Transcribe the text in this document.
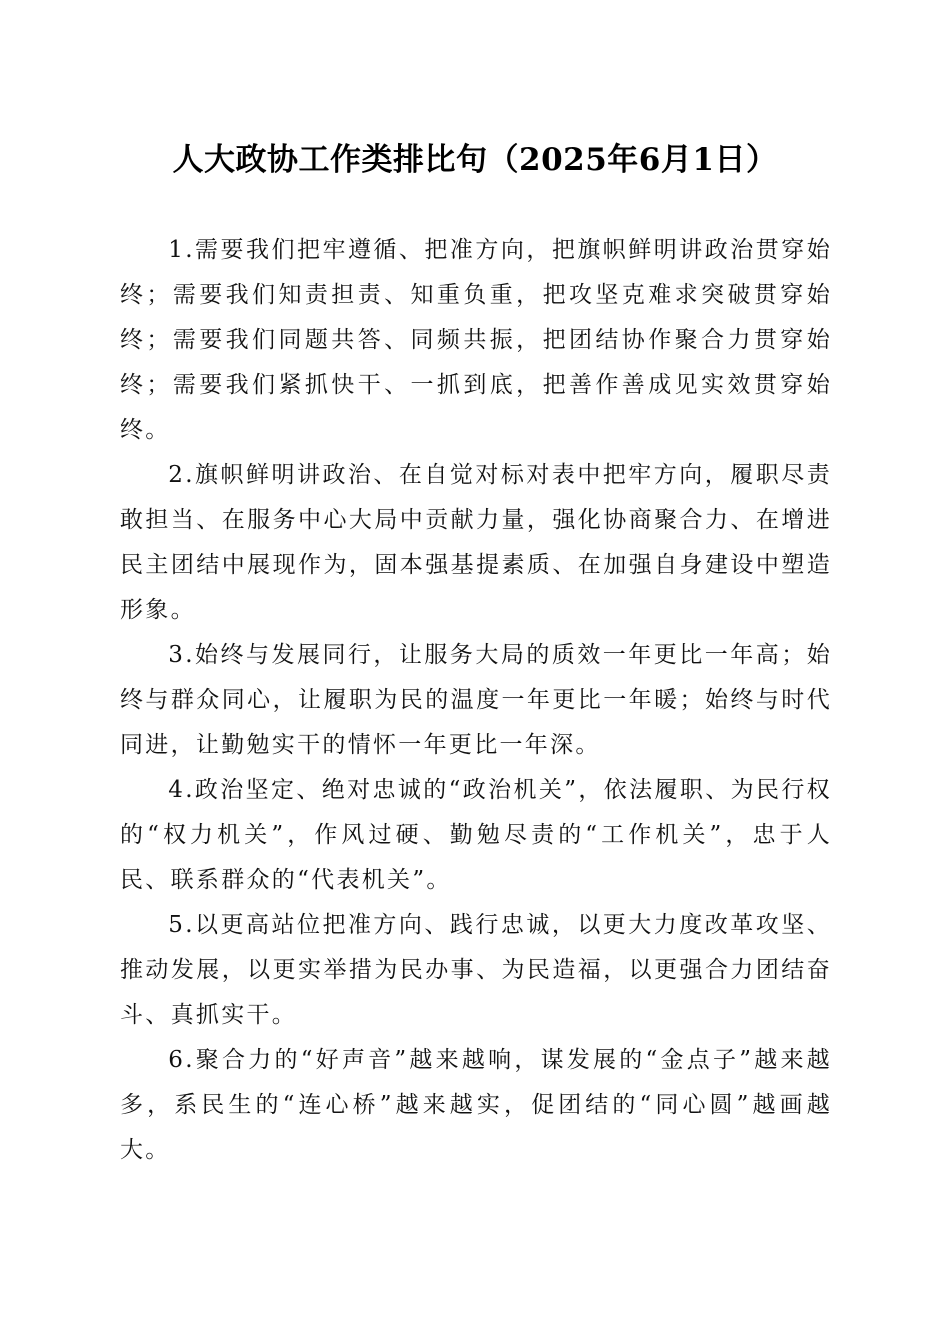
人大政协工作类排比句（2025年6月1日）

1.需要我们把牢遵循、把准方向，把旗帜鲜明讲政治贯穿始终；需要我们知责担责、知重负重，把攻坚克难求突破贯穿始终；需要我们同题共答、同频共振，把团结协作聚合力贯穿始终；需要我们紧抓快干、一抓到底，把善作善成见实效贯穿始终。

2.旗帜鲜明讲政治、在自觉对标对表中把牢方向，履职尽责敢担当、在服务中心大局中贡献力量，强化协商聚合力、在增进民主团结中展现作为，固本强基提素质、在加强自身建设中塑造形象。

3.始终与发展同行，让服务大局的质效一年更比一年高；始终与群众同心，让履职为民的温度一年更比一年暖；始终与时代同进，让勤勉实干的情怀一年更比一年深。

4.政治坚定、绝对忠诚的“政治机关”，依法履职、为民行权的“权力机关”，作风过硬、勤勉尽责的“工作机关”，忠于人民、联系群众的“代表机关”。

5.以更高站位把准方向、践行忠诚，以更大力度改革攻坚、推动发展，以更实举措为民办事、为民造福，以更强合力团结奋斗、真抓实干。

6.聚合力的“好声音”越来越响，谋发展的“金点子”越来越多，系民生的“连心桥”越来越实，促团结的“同心圆”越画越大。
